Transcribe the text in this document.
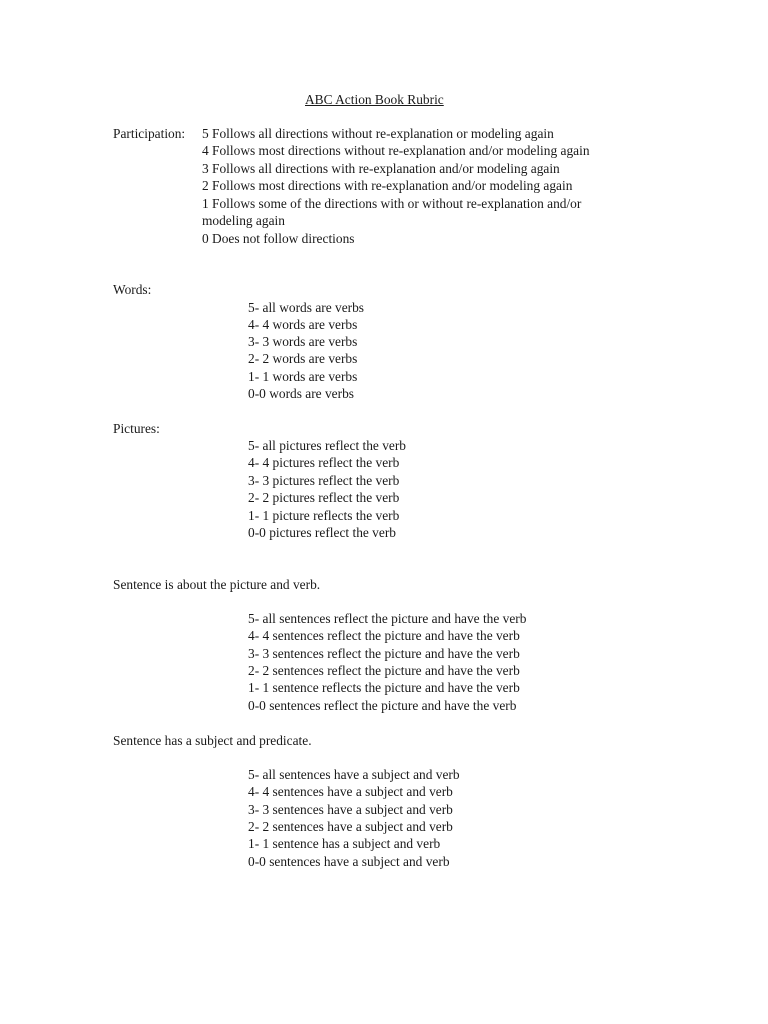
ABC Action Book Rubric
Participation: 5 Follows all directions without re-explanation or modeling again
4 Follows most directions without re-explanation and/or modeling again
3 Follows all directions with re-explanation and/or modeling again
2 Follows most directions with re-explanation and/or modeling again
1 Follows some of the directions with or without re-explanation and/or
modeling again
0 Does not follow directions
Words:
5- all words are verbs
4- 4 words are verbs
3- 3 words are verbs
2- 2 words are verbs
1- 1 words are verbs
0-0 words are verbs
Pictures:
5- all pictures reflect the verb
4- 4 pictures reflect the verb
3- 3 pictures reflect the verb
2- 2 pictures reflect the verb
1- 1 picture reflects the verb
0-0 pictures reflect the verb
Sentence is about the picture and verb.
5- all sentences reflect the picture and have the verb
4- 4 sentences reflect the picture and have the verb
3- 3 sentences reflect the picture and have the verb
2- 2 sentences reflect the picture and have the verb
1- 1 sentence reflects the picture and have the verb
0-0 sentences reflect the picture and have the verb
Sentence has a subject and predicate.
5- all sentences have a subject and verb
4- 4 sentences have a subject and verb
3- 3 sentences have a subject and verb
2- 2 sentences have a subject and verb
1- 1 sentence has a subject and verb
0-0 sentences have a subject and verb
